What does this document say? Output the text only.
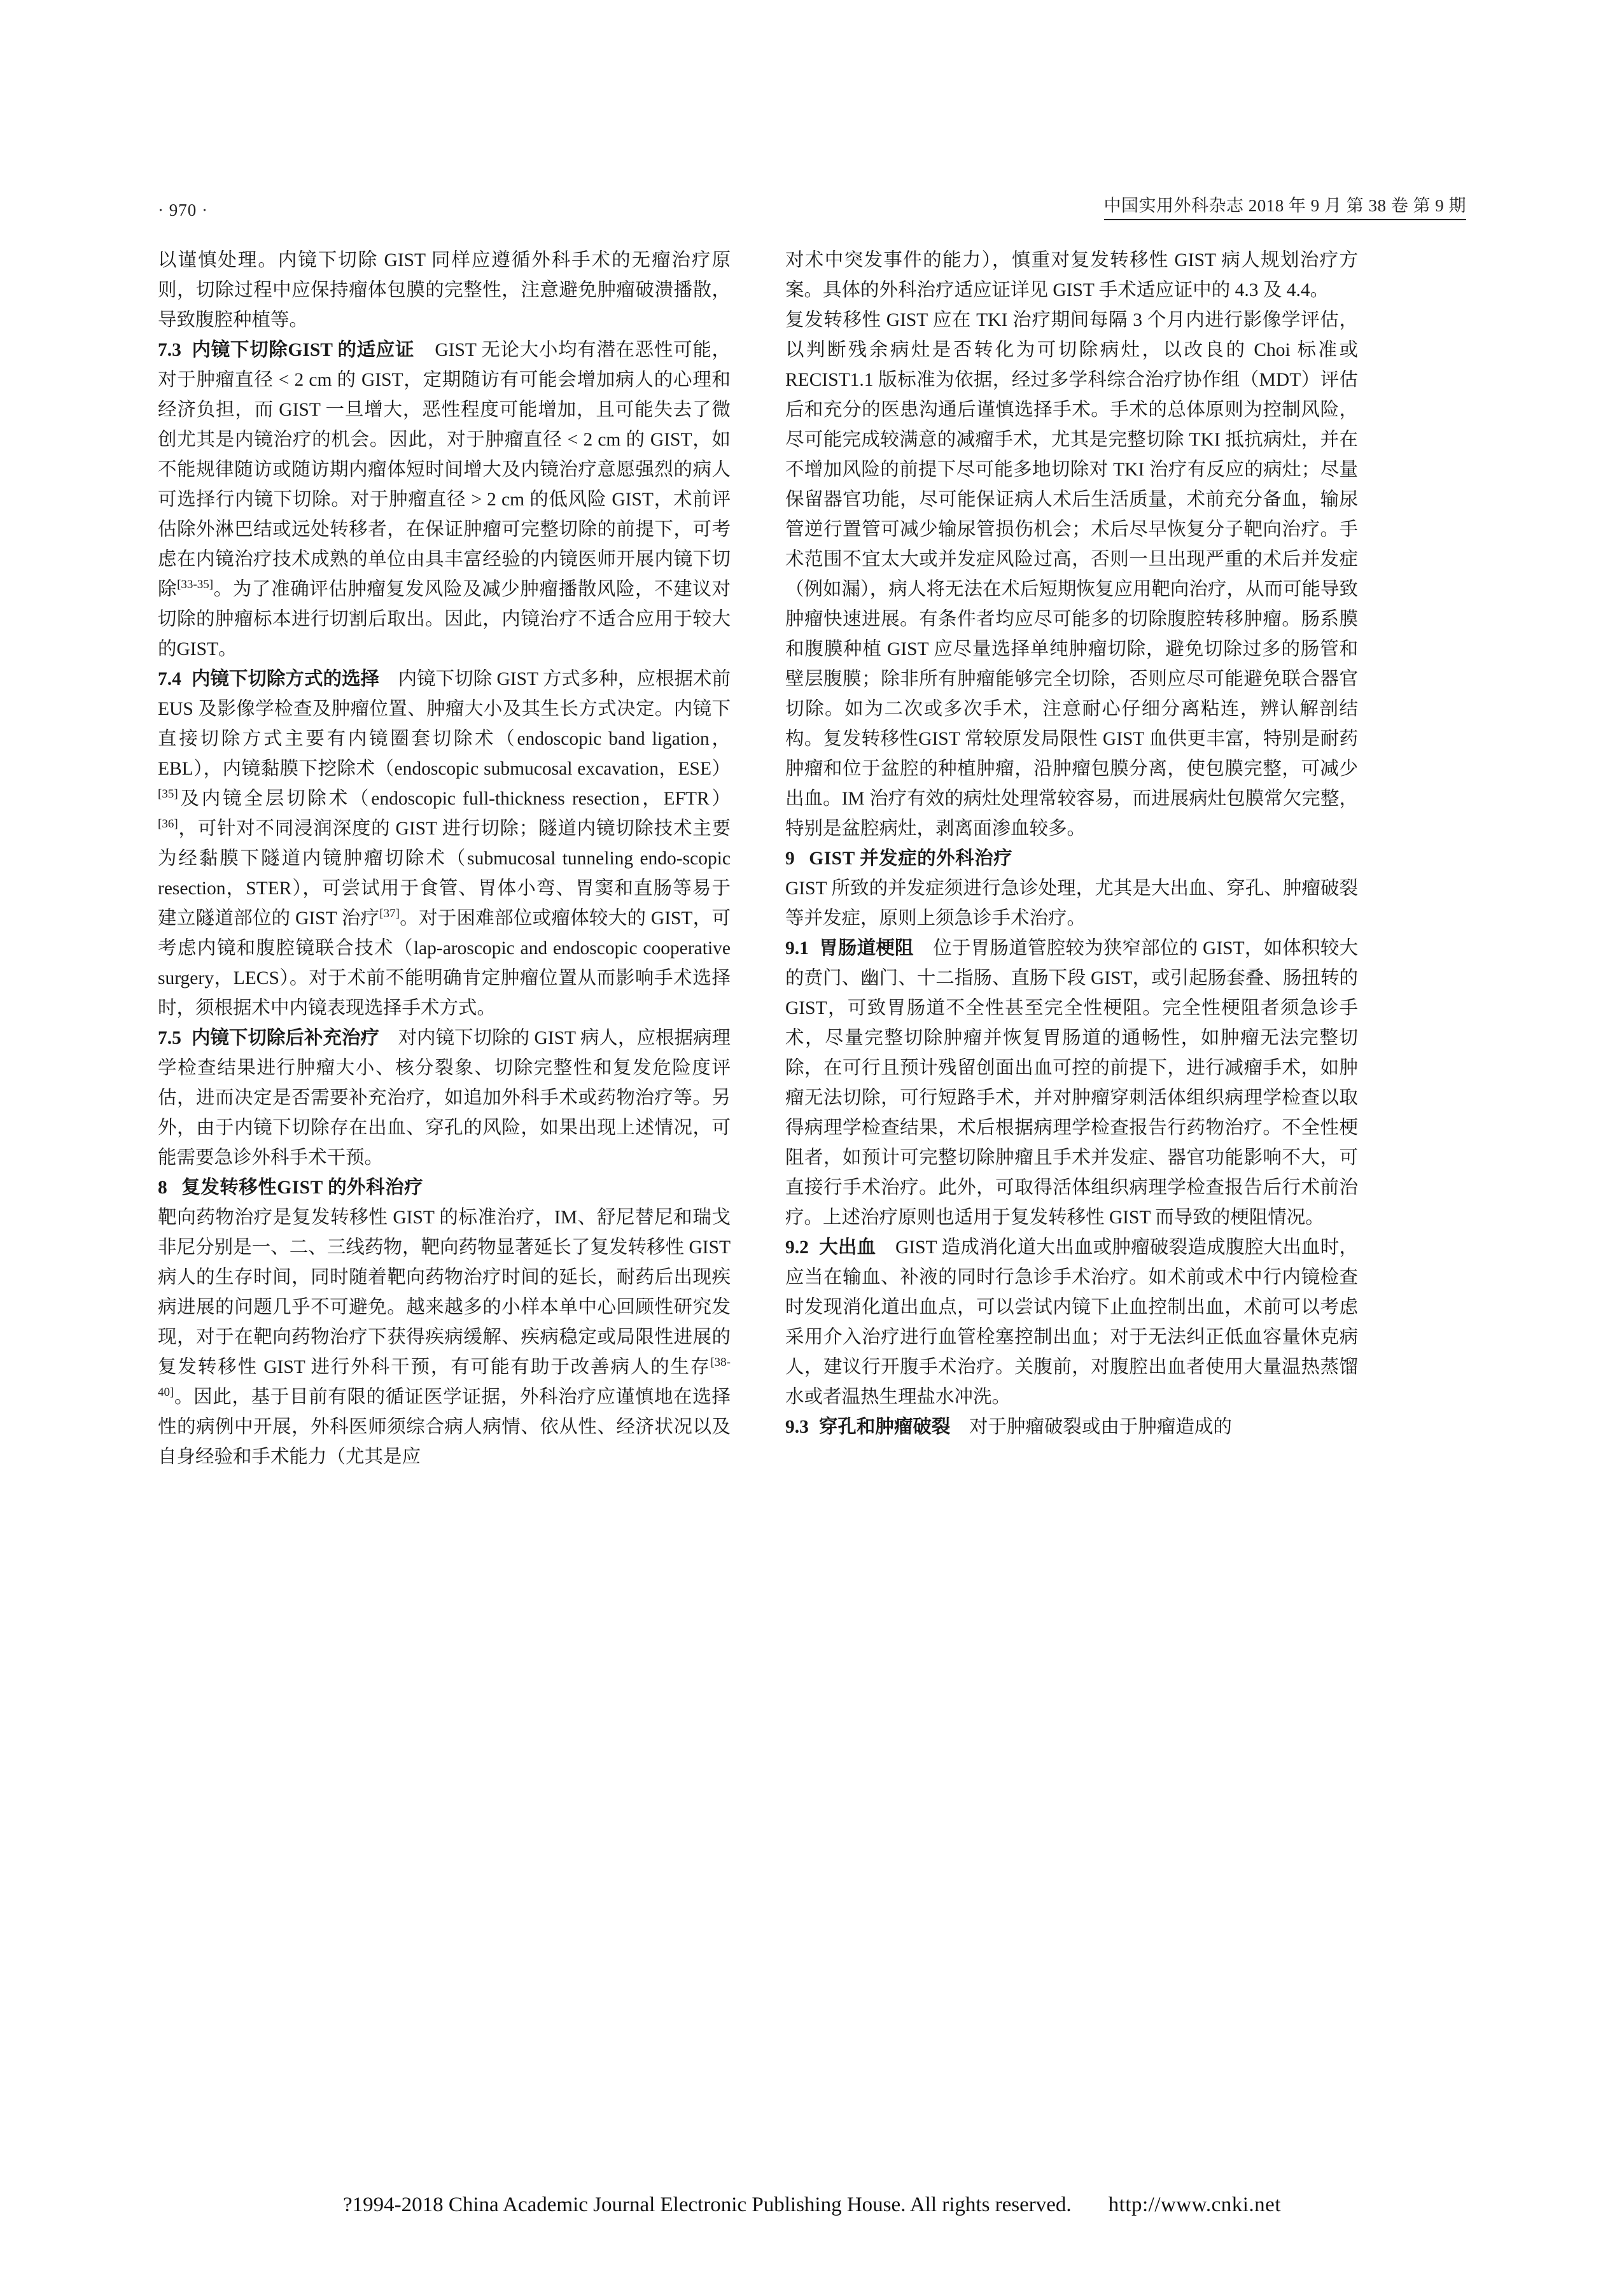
· 970 ·	中国实用外科杂志 2018 年 9 月 第 38 卷 第 9 期

以谨慎处理。内镜下切除 GIST 同样应遵循外科手术的无瘤治疗原则，切除过程中应保持瘤体包膜的完整性，注意避免肿瘤破溃播散，导致腹腔种植等。

7.3 内镜下切除GIST 的适应证 GIST 无论大小均有潜在恶性可能，对于肿瘤直径 < 2 cm 的 GIST，定期随访有可能会增加病人的心理和经济负担，而 GIST 一旦增大，恶性程度可能增加，且可能失去了微创尤其是内镜治疗的机会。因此，对于肿瘤直径 < 2 cm 的 GIST，如不能规律随访或随访期内瘤体短时间增大及内镜治疗意愿强烈的病人可选择行内镜下切除。对于肿瘤直径 > 2 cm 的低风险 GIST，术前评估除外淋巴结或远处转移者，在保证肿瘤可完整切除的前提下，可考虑在内镜治疗技术成熟的单位由具丰富经验的内镜医师开展内镜下切除[33-35]。为了准确评估肿瘤复发风险及减少肿瘤播散风险，不建议对切除的肿瘤标本进行切割后取出。因此，内镜治疗不适合应用于较大的GIST。

7.4 内镜下切除方式的选择 内镜下切除 GIST 方式多种，应根据术前 EUS 及影像学检查及肿瘤位置、肿瘤大小及其生长方式决定。内镜下直接切除方式主要有内镜圈套切除术（endoscopic band ligation，EBL），内镜黏膜下挖除术（endoscopic submucosal excavation，ESE）[35]及内镜全层切除术（endoscopic full-thickness resection，EFTR）[36]，可针对不同浸润深度的 GIST 进行切除；隧道内镜切除技术主要为经黏膜下隧道内镜肿瘤切除术（submucosal tunneling endo-scopic resection，STER），可尝试用于食管、胃体小弯、胃窦和直肠等易于建立隧道部位的 GIST 治疗[37]。对于困难部位或瘤体较大的 GIST，可考虑内镜和腹腔镜联合技术（lap-aroscopic and endoscopic cooperative surgery，LECS）。对于术前不能明确肯定肿瘤位置从而影响手术选择时，须根据术中内镜表现选择手术方式。

7.5 内镜下切除后补充治疗 对内镜下切除的 GIST 病人，应根据病理学检查结果进行肿瘤大小、核分裂象、切除完整性和复发危险度评估，进而决定是否需要补充治疗，如追加外科手术或药物治疗等。另外，由于内镜下切除存在出血、穿孔的风险，如果出现上述情况，可能需要急诊外科手术干预。

8 复发转移性GIST 的外科治疗

靶向药物治疗是复发转移性 GIST 的标准治疗，IM、舒尼替尼和瑞戈非尼分别是一、二、三线药物，靶向药物显著延长了复发转移性 GIST 病人的生存时间，同时随着靶向药物治疗时间的延长，耐药后出现疾病进展的问题几乎不可避免。越来越多的小样本单中心回顾性研究发现，对于在靶向药物治疗下获得疾病缓解、疾病稳定或局限性进展的复发转移性 GIST 进行外科干预，有可能有助于改善病人的生存[38-40]。因此，基于目前有限的循证医学证据，外科治疗应谨慎地在选择性的病例中开展，外科医师须综合病人病情、依从性、经济状况以及自身经验和手术能力（尤其是应

对术中突发事件的能力），慎重对复发转移性 GIST 病人规划治疗方案。具体的外科治疗适应证详见 GIST 手术适应证中的 4.3 及 4.4。

复发转移性 GIST 应在 TKI 治疗期间每隔 3 个月内进行影像学评估，以判断残余病灶是否转化为可切除病灶，以改良的 Choi 标准或 RECIST1.1 版标准为依据，经过多学科综合治疗协作组（MDT）评估后和充分的医患沟通后谨慎选择手术。手术的总体原则为控制风险，尽可能完成较满意的减瘤手术，尤其是完整切除 TKI 抵抗病灶，并在不增加风险的前提下尽可能多地切除对 TKI 治疗有反应的病灶；尽量保留器官功能，尽可能保证病人术后生活质量，术前充分备血，输尿管逆行置管可减少输尿管损伤机会；术后尽早恢复分子靶向治疗。手术范围不宜太大或并发症风险过高，否则一旦出现严重的术后并发症（例如漏），病人将无法在术后短期恢复应用靶向治疗，从而可能导致肿瘤快速进展。有条件者均应尽可能多的切除腹腔转移肿瘤。肠系膜和腹膜种植 GIST 应尽量选择单纯肿瘤切除，避免切除过多的肠管和壁层腹膜；除非所有肿瘤能够完全切除，否则应尽可能避免联合器官切除。如为二次或多次手术，注意耐心仔细分离粘连，辨认解剖结构。复发转移性GIST 常较原发局限性 GIST 血供更丰富，特别是耐药肿瘤和位于盆腔的种植肿瘤，沿肿瘤包膜分离，使包膜完整，可减少出血。IM 治疗有效的病灶处理常较容易，而进展病灶包膜常欠完整，特别是盆腔病灶，剥离面渗血较多。

9 GIST 并发症的外科治疗

GIST 所致的并发症须进行急诊处理，尤其是大出血、穿孔、肿瘤破裂等并发症，原则上须急诊手术治疗。

9.1 胃肠道梗阻 位于胃肠道管腔较为狭窄部位的 GIST，如体积较大的贲门、幽门、十二指肠、直肠下段 GIST，或引起肠套叠、肠扭转的 GIST，可致胃肠道不全性甚至完全性梗阻。完全性梗阻者须急诊手术，尽量完整切除肿瘤并恢复胃肠道的通畅性，如肿瘤无法完整切除，在可行且预计残留创面出血可控的前提下，进行减瘤手术，如肿瘤无法切除，可行短路手术，并对肿瘤穿刺活体组织病理学检查以取得病理学检查结果，术后根据病理学检查报告行药物治疗。不全性梗阻者，如预计可完整切除肿瘤且手术并发症、器官功能影响不大，可直接行手术治疗。此外，可取得活体组织病理学检查报告后行术前治疗。上述治疗原则也适用于复发转移性 GIST 而导致的梗阻情况。

9.2 大出血 GIST 造成消化道大出血或肿瘤破裂造成腹腔大出血时，应当在输血、补液的同时行急诊手术治疗。如术前或术中行内镜检查时发现消化道出血点，可以尝试内镜下止血控制出血，术前可以考虑采用介入治疗进行血管栓塞控制出血；对于无法纠正低血容量休克病人，建议行开腹手术治疗。关腹前，对腹腔出血者使用大量温热蒸馏水或者温热生理盐水冲洗。

9.3 穿孔和肿瘤破裂 对于肿瘤破裂或由于肿瘤造成的

?1994-2018 China Academic Journal Electronic Publishing House. All rights reserved. http://www.cnki.net
